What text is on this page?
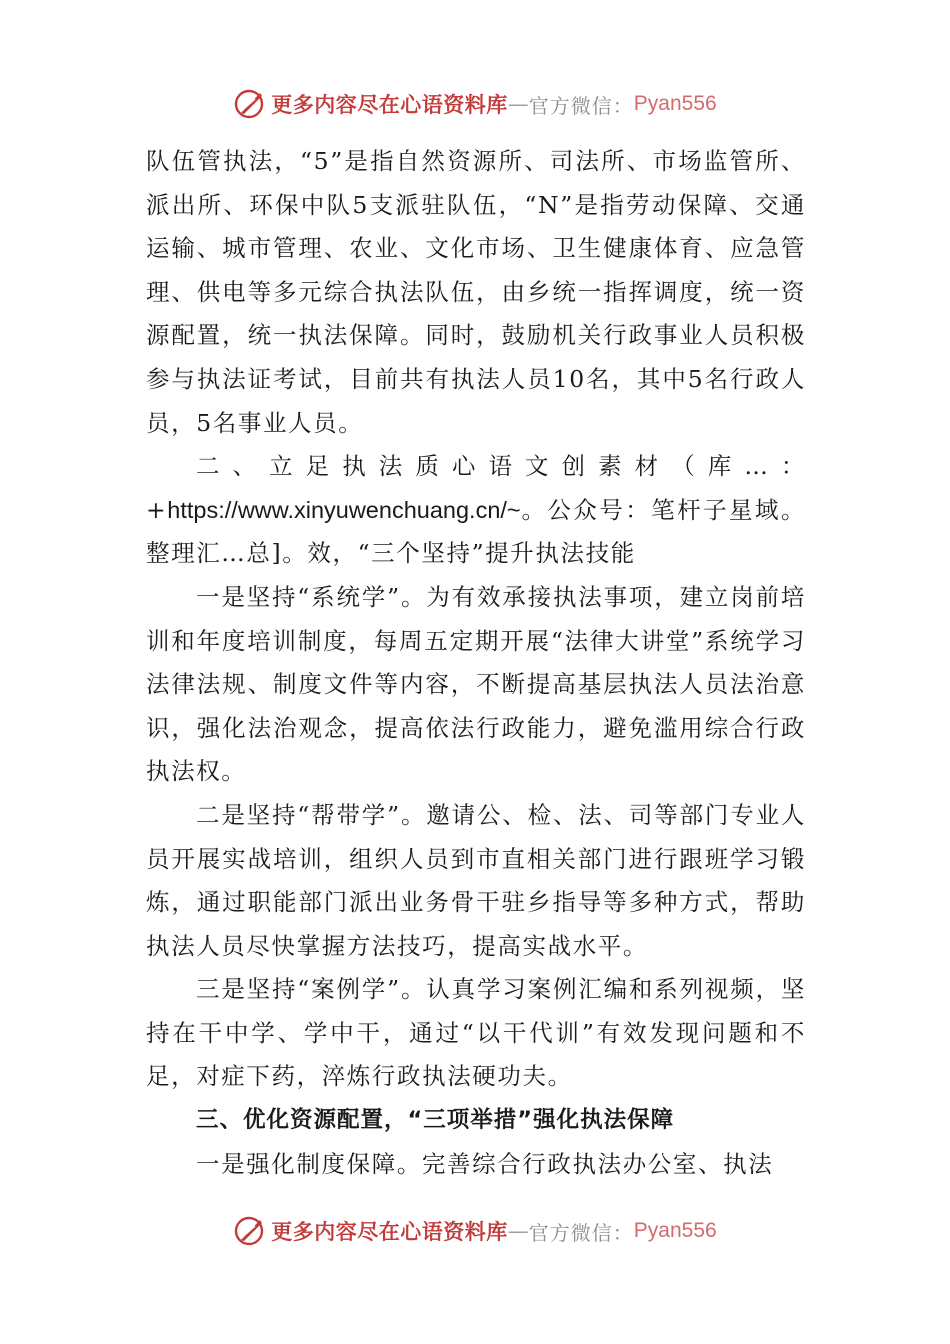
更多内容尽在心语资料库 — 官方微信： Pyan556

队伍管执法，“5”是指自然资源所、司法所、市场监管所、派出所、环保中队5支派驻队伍，“N”是指劳动保障、交通运输、城市管理、农业、文化市场、卫生健康体育、应急管理、供电等多元综合执法队伍，由乡统一指挥调度，统一资源配置，统一执法保障。同时，鼓励机关行政事业人员积极参与执法证考试，目前共有执法人员10名，其中5名行政人员，5名事业人员。

二、立足执法质心语文创素材（库…：+https://www.xinyuwenchuang.cn/~。公众号：笔杆子星域。整理汇…总]。效，“三个坚持”提升执法技能

一是坚持“系统学”。为有效承接执法事项，建立岗前培训和年度培训制度，每周五定期开展“法律大讲堂”系统学习法律法规、制度文件等内容，不断提高基层执法人员法治意识，强化法治观念，提高依法行政能力，避免滥用综合行政执法权。

二是坚持“帮带学”。邀请公、检、法、司等部门专业人员开展实战培训，组织人员到市直相关部门进行跟班学习锻炼，通过职能部门派出业务骨干驻乡指导等多种方式，帮助执法人员尽快掌握方法技巧，提高实战水平。

三是坚持“案例学”。认真学习案例汇编和系列视频，坚持在干中学、学中干，通过“以干代训”有效发现问题和不足，对症下药，淬炼行政执法硬功夫。

三、优化资源配置，“三项举措”强化执法保障

一是强化制度保障。完善综合行政执法办公室、执法

更多内容尽在心语资料库 — 官方微信： Pyan556
